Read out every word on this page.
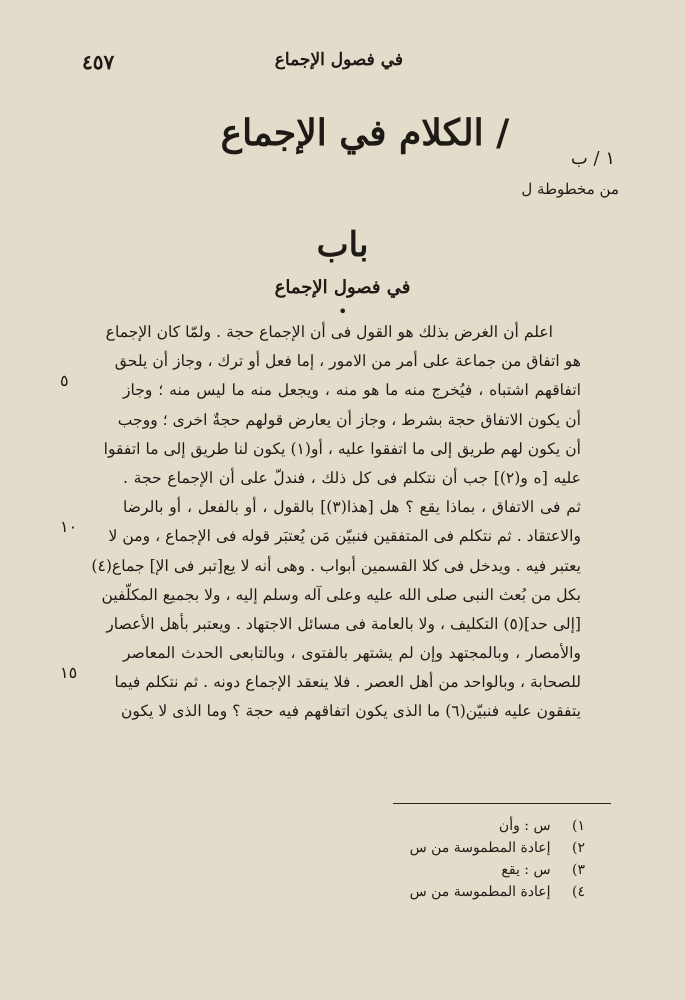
٤٥٧	في فصول الإجماع
١ / ب
من مخطوطة ل
/ الكلام في الإجماع
باب
في فصول الإجماع
•
اعلم أن الغرض بذلك هو القول فى أن الإجماع حجة . ولمّا كان الإجماع
هو اتفاق من جماعة على أمر من الامور ، إما فعل أو ترك ، وجاز أن يلحق
اتفاقهم اشتباه ، فيُخرج منه ما هو منه ، ويجعل منه ما ليس منه ؛ وجاز
أن يكون الاتفاق حجة بشرط ، وجاز أن يعارض قولهم حجةٌ اخرى ؛ ووجب
أن يكون لهم طريق إلى ما اتفقوا عليه ، أو(١) يكون لنا طريق إلى ما اتفقوا
عليه [ه و(٢)] جب أن نتكلم فى كل ذلك ، فندلّ على أن الإجماع حجة .
ثم فى الاتفاق ، بماذا يقع ؟ هل [ه‍ذا(٣)] بالقول ، أو بالفعل ، أو بالرضا
والاعتقاد . ثم نتكلم فى المتفقين فنبيّن مَن يُعتبَر قوله فى الإجماع ، ومن لا
يعتبر فيه . ويدخل فى كلا القسمين أبواب . وهى أنه لا يع[تبر فى الإ] جماع(٤)
بكل من بُعث النبى صلى الله عليه وعلى آله وسلم إليه ، ولا بجميع المكلّفين
[إلى حد](٥) التكليف ، ولا بالعامة فى مسائل الاجتهاد . ويعتبر بأهل الأعصار
والأمصار ، وبالمجتهد وإن لم يشتهر بالفتوى ، وبالتابعى الحدث المعاصر
للصحابة ، وبالواحد من أهل العصر . فلا ينعقد الإجماع دونه . ثم نتكلم فيما
يتفقون عليه فنبيّن(٦) ما الذى يكون اتفاقهم فيه حجة ؟ وما الذى لا يكون
٥
١٠
١٥
١) س : وأن
٢) إعادة المطموسة من س
٣) س : يقع
٤) إعادة المطموسة من س
